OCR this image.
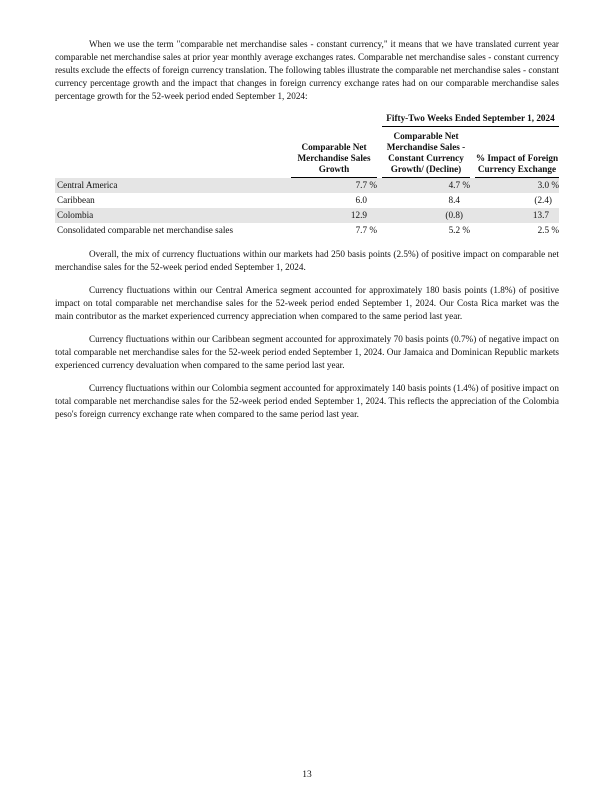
When we use the term "comparable net merchandise sales - constant currency," it means that we have translated current year comparable net merchandise sales at prior year monthly average exchanges rates. Comparable net merchandise sales - constant currency results exclude the effects of foreign currency translation. The following tables illustrate the comparable net merchandise sales - constant currency percentage growth and the impact that changes in foreign currency exchange rates had on our comparable merchandise sales percentage growth for the 52-week period ended September 1, 2024:

				Fifty-Two Weeks Ended September 1, 2024		
		Comparable Net Merchandise Sales Growth		Comparable Net Merchandise Sales - Constant Currency Growth/ (Decline)		% Impact of Foreign Currency Exchange
Central America		7.7 %		4.7 %		3.0 %
Caribbean		6.0		8.4		(2.4)
Colombia		12.9		(0.8)		13.7
Consolidated comparable net merchandise sales		7.7 %		5.2 %		2.5 %

Overall, the mix of currency fluctuations within our markets had 250 basis points (2.5%) of positive impact on comparable net merchandise sales for the 52-week period ended September 1, 2024.

Currency fluctuations within our Central America segment accounted for approximately 180 basis points (1.8%) of positive impact on total comparable net merchandise sales for the 52-week period ended September 1, 2024. Our Costa Rica market was the main contributor as the market experienced currency appreciation when compared to the same period last year.

Currency fluctuations within our Caribbean segment accounted for approximately 70 basis points (0.7%) of negative impact on total comparable net merchandise sales for the 52-week period ended September 1, 2024. Our Jamaica and Dominican Republic markets experienced currency devaluation when compared to the same period last year.

Currency fluctuations within our Colombia segment accounted for approximately 140 basis points (1.4%) of positive impact on total comparable net merchandise sales for the 52-week period ended September 1, 2024. This reflects the appreciation of the Colombia peso's foreign currency exchange rate when compared to the same period last year.

13
